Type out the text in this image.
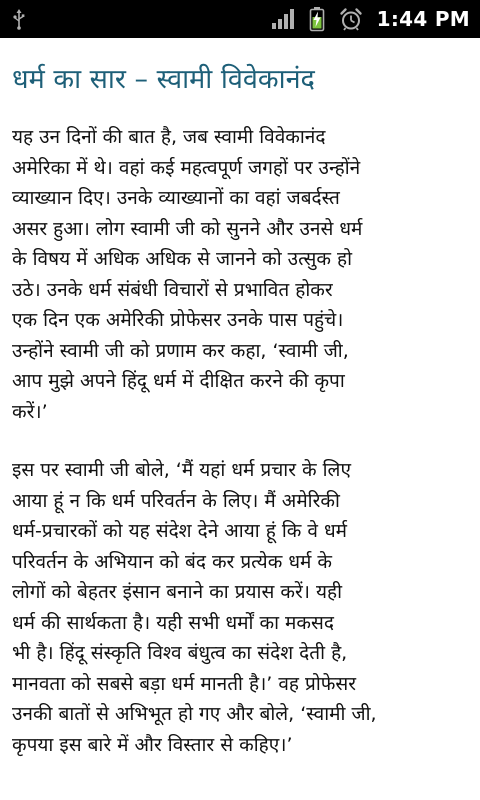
1:44 PM
धर्म का सार – स्वामी विवेकानंद

यह उन दिनों की बात है, जब स्वामी विवेकानंद
अमेरिका में थे। वहां कई महत्वपूर्ण जगहों पर उन्होंने
व्याख्यान दिए। उनके व्याख्यानों का वहां जबर्दस्त
असर हुआ। लोग स्वामी जी को सुनने और उनसे धर्म
के विषय में अधिक अधिक से जानने को उत्सुक हो
उठे। उनके धर्म संबंधी विचारों से प्रभावित होकर
एक दिन एक अमेरिकी प्रोफेसर उनके पास पहुंचे।
उन्होंने स्वामी जी को प्रणाम कर कहा, ‘स्वामी जी,
आप मुझे अपने हिंदू धर्म में दीक्षित करने की कृपा
करें।’

इस पर स्वामी जी बोले, ‘मैं यहां धर्म प्रचार के लिए
आया हूं न कि धर्म परिवर्तन के लिए। मैं अमेरिकी
धर्म-प्रचारकों को यह संदेश देने आया हूं कि वे धर्म
परिवर्तन के अभियान को बंद कर प्रत्येक धर्म के
लोगों को बेहतर इंसान बनाने का प्रयास करें। यही
धर्म की सार्थकता है। यही सभी धर्मों का मकसद
भी है। हिंदू संस्कृति विश्व बंधुत्व का संदेश देती है,
मानवता को सबसे बड़ा धर्म मानती है।’ वह प्रोफेसर
उनकी बातों से अभिभूत हो गए और बोले, ‘स्वामी जी,
कृपया इस बारे में और विस्तार से कहिए।’
